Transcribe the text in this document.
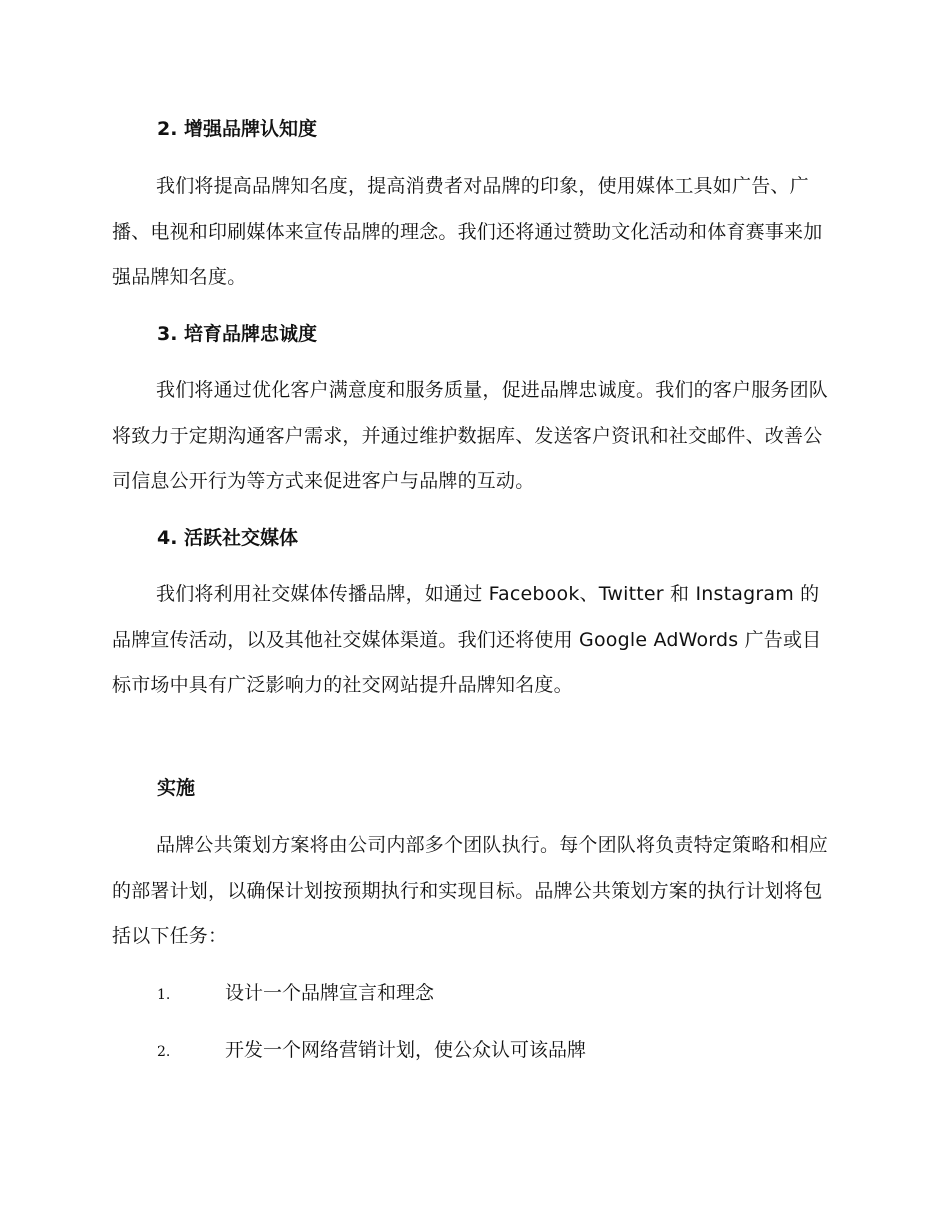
2. 增强品牌认知度

我们将提高品牌知名度，提高消费者对品牌的印象，使用媒体工具如广告、广播、电视和印刷媒体来宣传品牌的理念。我们还将通过赞助文化活动和体育赛事来加强品牌知名度。

3. 培育品牌忠诚度

我们将通过优化客户满意度和服务质量，促进品牌忠诚度。我们的客户服务团队将致力于定期沟通客户需求，并通过维护数据库、发送客户资讯和社交邮件、改善公司信息公开行为等方式来促进客户与品牌的互动。

4. 活跃社交媒体

我们将利用社交媒体传播品牌，如通过 Facebook、Twitter 和 Instagram 的品牌宣传活动，以及其他社交媒体渠道。我们还将使用 Google AdWords 广告或目标市场中具有广泛影响力的社交网站提升品牌知名度。

实施

品牌公共策划方案将由公司内部多个团队执行。每个团队将负责特定策略和相应的部署计划，以确保计划按预期执行和实现目标。品牌公共策划方案的执行计划将包括以下任务：

1.	设计一个品牌宣言和理念
2.	开发一个网络营销计划，使公众认可该品牌
